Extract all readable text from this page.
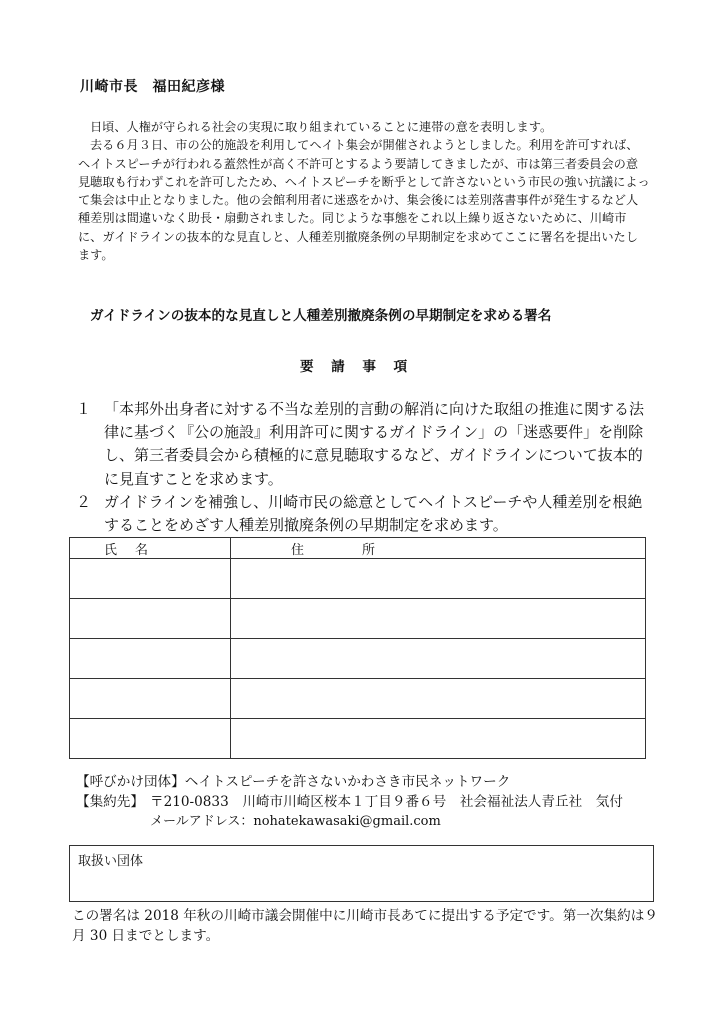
川崎市長　福田紀彦様

日頃、人権が守られる社会の実現に取り組まれていることに連帯の意を表明します。

去る６月３日、市の公的施設を利用してヘイト集会が開催されようとしました。利用を許可すれば、ヘイトスピーチが行われる蓋然性が高く不許可とするよう要請してきましたが、市は第三者委員会の意見聴取も行わずこれを許可したため、ヘイトスピーチを断乎として許さないという市民の強い抗議によって集会は中止となりました。他の会館利用者に迷惑をかけ、集会後には差別落書事件が発生するなど人種差別は間違いなく助長・扇動されました。同じような事態をこれ以上繰り返さないために、川崎市に、ガイドラインの抜本的な見直しと、人種差別撤廃条例の早期制定を求めてここに署名を提出いたします。

ガイドラインの抜本的な見直しと人種差別撤廃条例の早期制定を求める署名
要　請　事　項
１ 「本邦外出身者に対する不当な差別的言動の解消に向けた取組の推進に関する法律に基づく『公の施設』利用許可に関するガイドライン」の「迷惑要件」を削除し、第三者委員会から積極的に意見聴取するなど、ガイドラインについて抜本的に見直すことを求めます。
２ ガイドラインを補強し、川崎市民の総意としてヘイトスピーチや人種差別を根絶することをめざす人種差別撤廃条例の早期制定を求めます。
氏名	住所

【呼びかけ団体】ヘイトスピーチを許さないかわさき市民ネットワーク
【集約先】 〒210-0833　川崎市川崎区桜本１丁目９番６号　社会福祉法人青丘社　気付
メールアドレス：nohatekawasaki@gmail.com
取扱い団体
この署名は 2018 年秋の川崎市議会開催中に川崎市長あてに提出する予定です。第一次集約は９月 30 日までとします。
